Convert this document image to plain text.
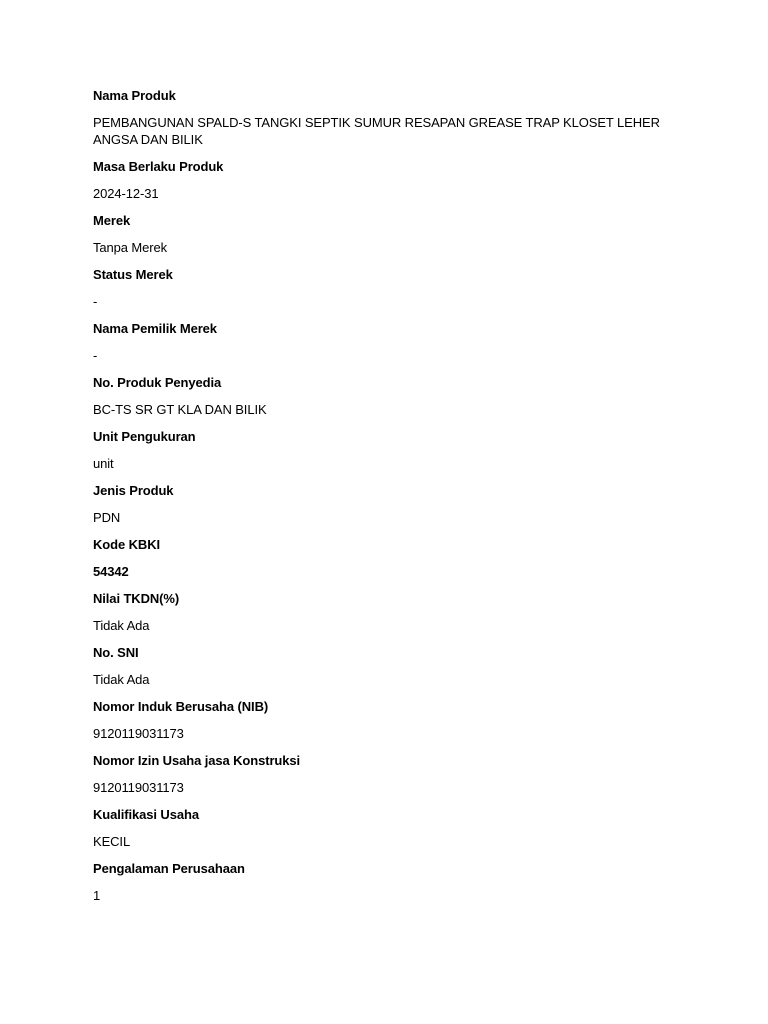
Nama Produk

PEMBANGUNAN SPALD-S TANGKI SEPTIK SUMUR RESAPAN GREASE TRAP KLOSET LEHER ANGSA DAN BILIK

Masa Berlaku Produk

2024-12-31

Merek

Tanpa Merek

Status Merek

-

Nama Pemilik Merek

-

No. Produk Penyedia

BC-TS SR GT KLA DAN BILIK

Unit Pengukuran

unit

Jenis Produk

PDN

Kode KBKI

54342

Nilai TKDN(%)

Tidak Ada

No. SNI

Tidak Ada

Nomor Induk Berusaha (NIB)

9120119031173

Nomor Izin Usaha jasa Konstruksi

9120119031173

Kualifikasi Usaha

KECIL

Pengalaman Perusahaan

1
